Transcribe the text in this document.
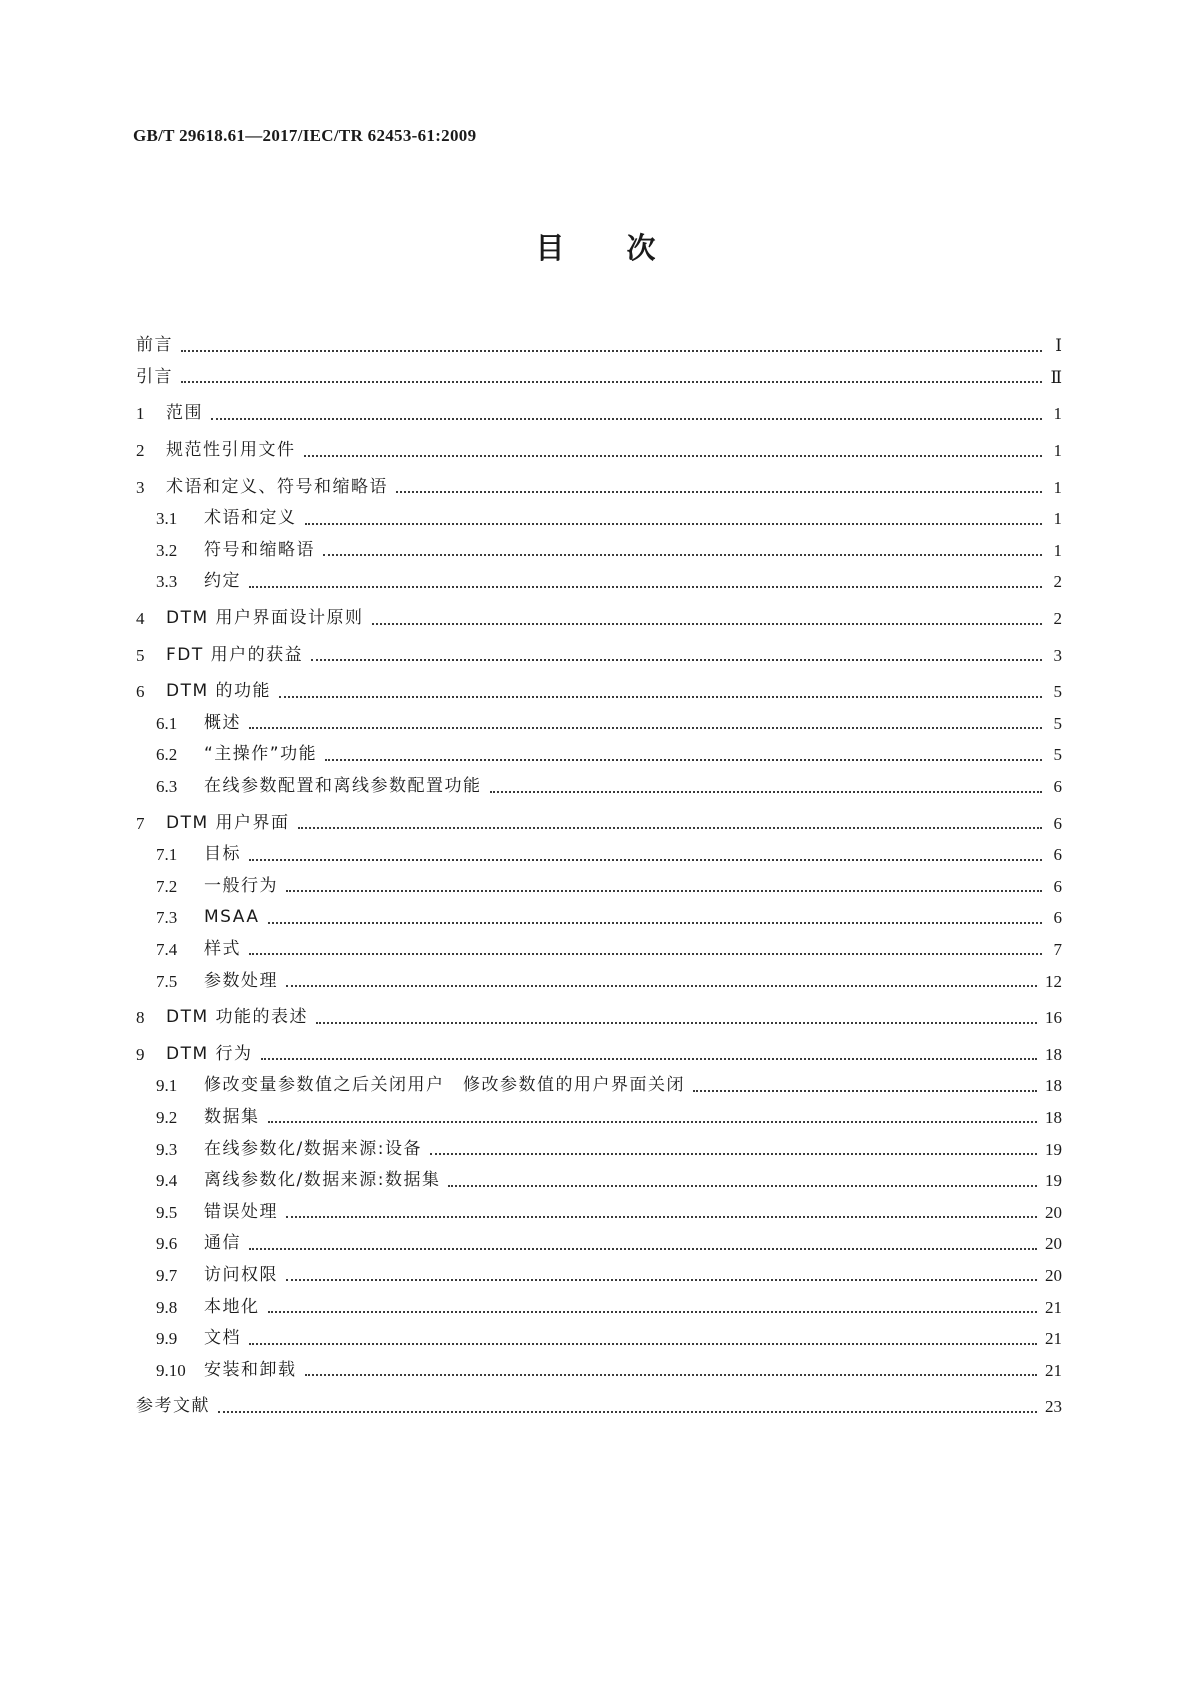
GB/T 29618.61—2017/IEC/TR 62453-61:2009
目次
前言	Ⅰ
引言	Ⅱ
1	范围	1
2	规范性引用文件	1
3	术语和定义、符号和缩略语	1
3.1	术语和定义	1
3.2	符号和缩略语	1
3.3	约定	2
4	DTM 用户界面设计原则	2
5	FDT 用户的获益	3
6	DTM 的功能	5
6.1	概述	5
6.2	“主操作”功能	5
6.3	在线参数配置和离线参数配置功能	6
7	DTM 用户界面	6
7.1	目标	6
7.2	一般行为	6
7.3	MSAA	6
7.4	样式	7
7.5	参数处理	12
8	DTM 功能的表述	16
9	DTM 行为	18
9.1	修改变量参数值之后关闭用户　修改参数值的用户界面关闭	18
9.2	数据集	18
9.3	在线参数化/数据来源:设备	19
9.4	离线参数化/数据来源:数据集	19
9.5	错误处理	20
9.6	通信	20
9.7	访问权限	20
9.8	本地化	21
9.9	文档	21
9.10	安装和卸载	21
参考文献	23
